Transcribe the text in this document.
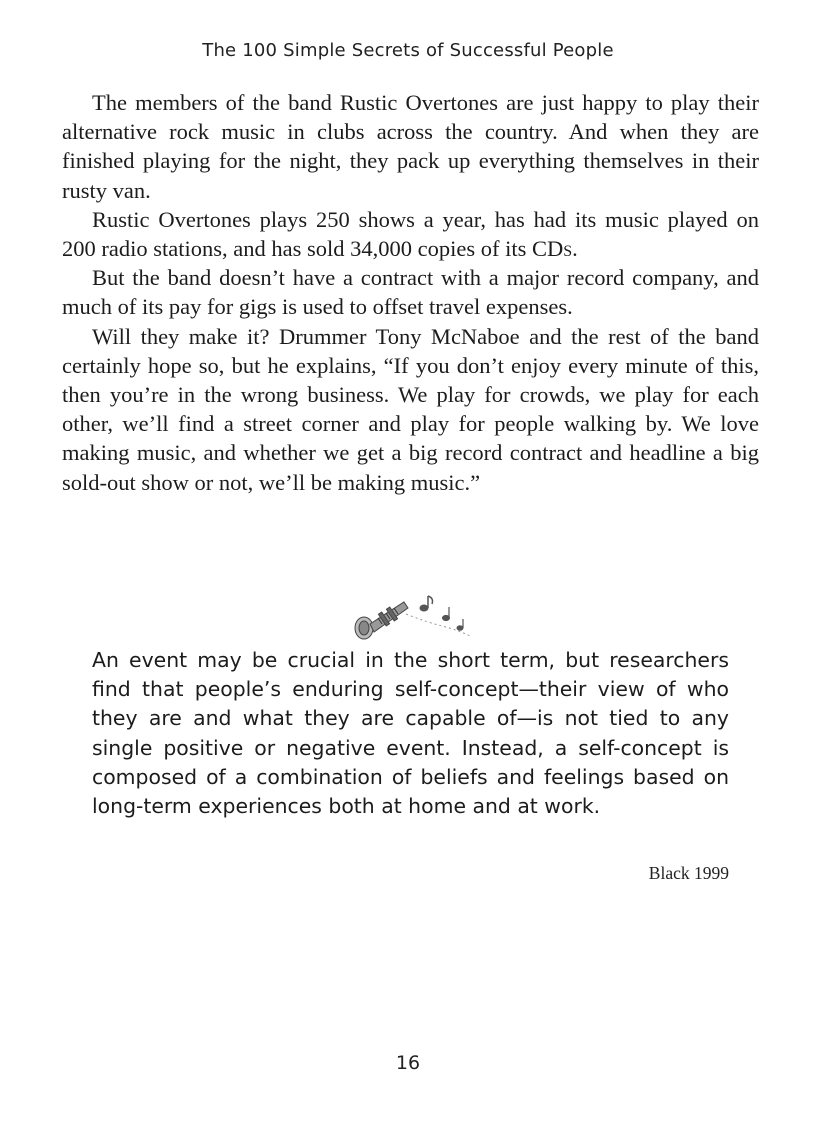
The 100 Simple Secrets of Successful People

The members of the band Rustic Overtones are just happy to play their alternative rock music in clubs across the country. And when they are finished playing for the night, they pack up everything themselves in their rusty van.

Rustic Overtones plays 250 shows a year, has had its music played on 200 radio stations, and has sold 34,000 copies of its CDs.

But the band doesn’t have a contract with a major record company, and much of its pay for gigs is used to offset travel expenses.

Will they make it? Drummer Tony McNaboe and the rest of the band certainly hope so, but he explains, “If you don’t enjoy every minute of this, then you’re in the wrong business. We play for crowds, we play for each other, we’ll find a street corner and play for people walking by. We love making music, and whether we get a big record contract and headline a big sold-out show or not, we’ll be making music.”

An event may be crucial in the short term, but researchers find that people’s enduring self-concept—their view of who they are and what they are capable of—is not tied to any single positive or negative event. Instead, a self-concept is composed of a combination of beliefs and feelings based on long-term experiences both at home and at work.

Black 1999
16
